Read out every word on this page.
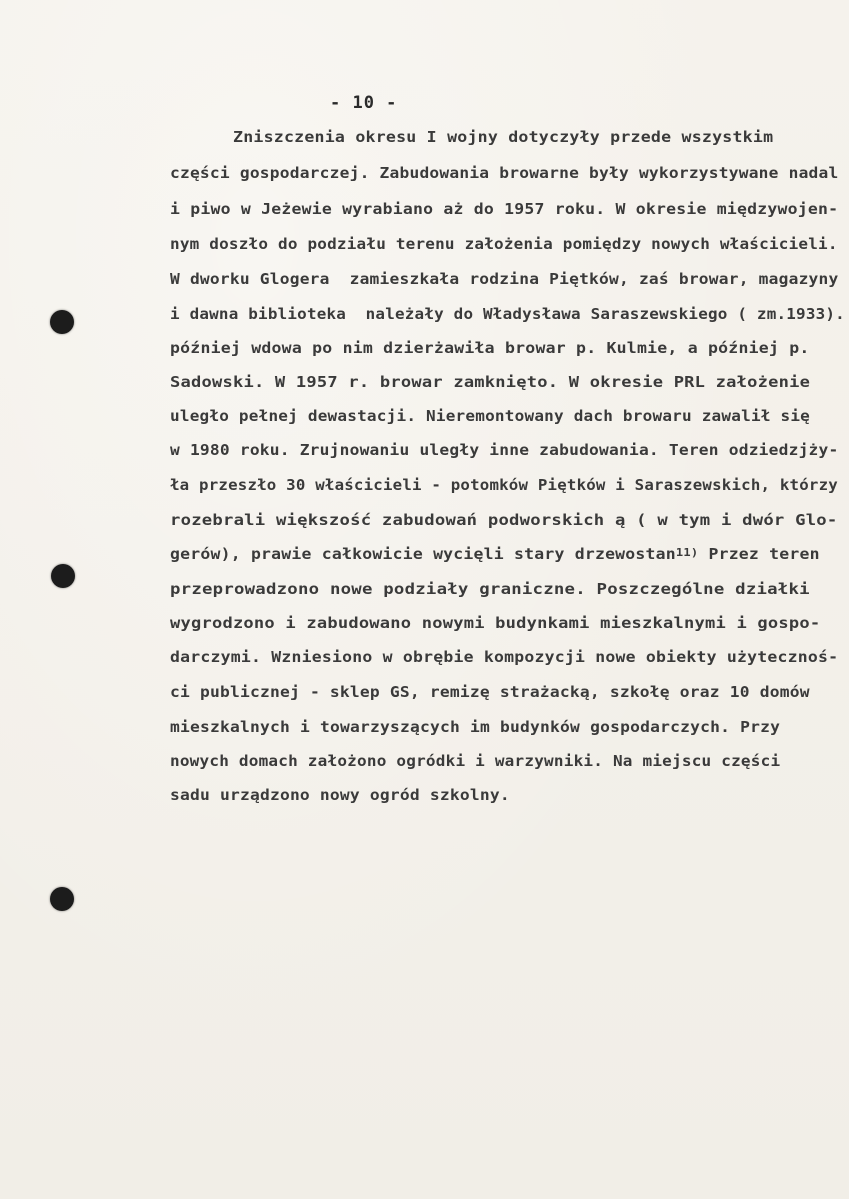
- 10 -
Zniszczenia okresu I wojny dotyczyły przede wszystkim
części gospodarczej. Zabudowania browarne były wykorzystywane nadal
i piwo w Jeżewie wyrabiano aż do 1957 roku. W okresie międzywojen-
nym doszło do podziału terenu założenia pomiędzy nowych właścicieli.
W dworku Glogera  zamieszkała rodzina Piętków, zaś browar, magazyny
i dawna biblioteka  należały do Władysława Saraszewskiego ( zm.1933).
później wdowa po nim dzierżawiła browar p. Kulmie, a później p.
Sadowski. W 1957 r. browar zamknięto. W okresie PRL założenie
uległo pełnej dewastacji. Nieremontowany dach browaru zawalił się
w 1980 roku. Zrujnowaniu uległy inne zabudowania. Teren odziedzjży-
ła przeszło 30 właścicieli - potomków Piętków i Saraszewskich, którzy
rozebrali większość zabudowań podworskich ą ( w tym i dwór Glo-
gerów), prawie całkowicie wycięli stary drzewostan$^{11)}$ Przez teren
przeprowadzono nowe podziały graniczne. Poszczególne działki
wygrodzono i zabudowano nowymi budynkami mieszkalnymi i gospo-
darczymi. Wzniesiono w obrębie kompozycji nowe obiekty użytecznoś-
ci publicznej - sklep GS, remizę strażacką, szkołę oraz 10 domów
mieszkalnych i towarzyszących im budynków gospodarczych. Przy
nowych domach założono ogródki i warzywniki. Na miejscu części
sadu urządzono nowy ogród szkolny.
